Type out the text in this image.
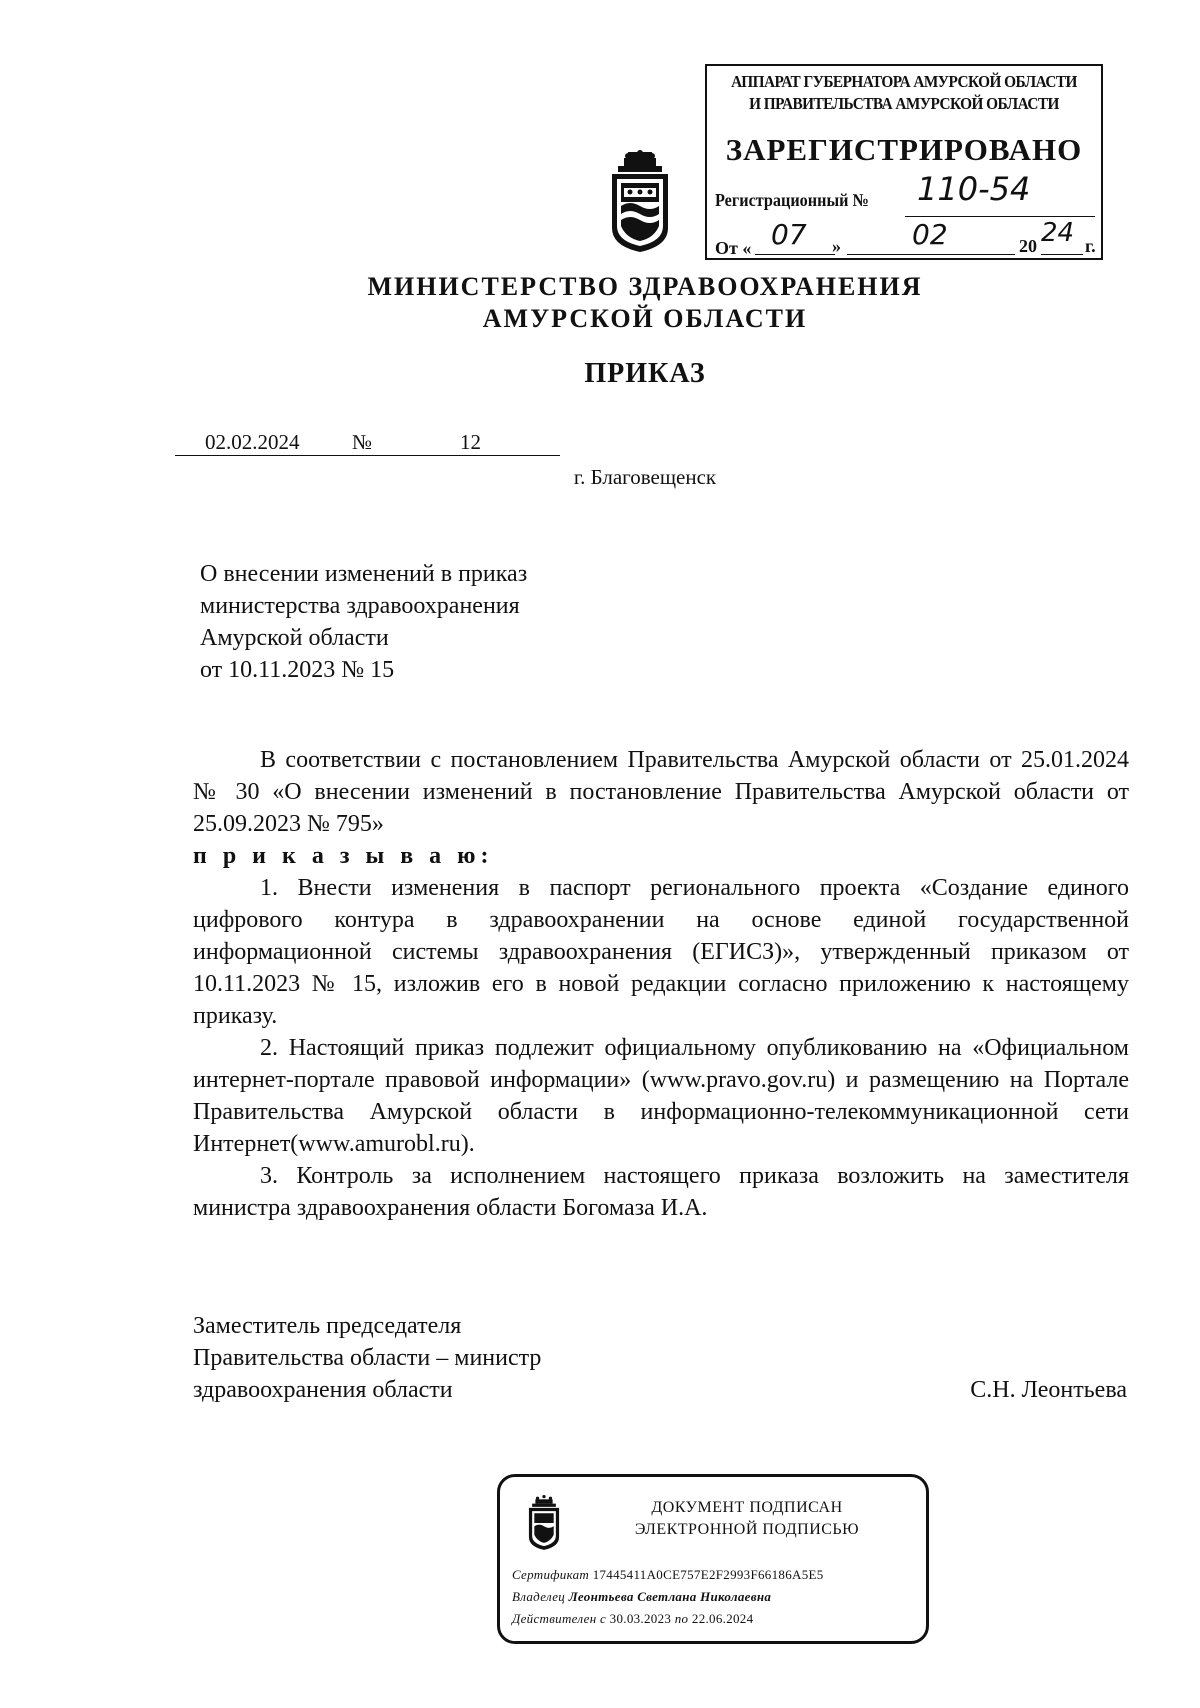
АППАРАТ ГУБЕРНАТОРА АМУРСКОЙ ОБЛАСТИ
И ПРАВИТЕЛЬСТВА АМУРСКОЙ ОБЛАСТИ
ЗАРЕГИСТРИРОВАНО
Регистрационный № 110-54
От « 07 »	02	20 24 г.
МИНИСТЕРСТВО ЗДРАВООХРАНЕНИЯ
АМУРСКОЙ ОБЛАСТИ
ПРИКАЗ
02.02.2024	№	12
г. Благовещенск
О внесении изменений в приказ
министерства здравоохранения
Амурской области
от 10.11.2023 № 15

В соответствии с постановлением Правительства Амурской области от 25.01.2024 № 30 «О внесении изменений в постановление Правительства Амурской области от 25.09.2023 № 795»

п р и к а з ы в а ю:

1. Внести изменения в паспорт регионального проекта «Создание единого цифрового контура в здравоохранении на основе единой государственной информационной системы здравоохранения (ЕГИСЗ)», утвержденный приказом от 10.11.2023 № 15, изложив его в новой редакции согласно приложению к настоящему приказу.

2. Настоящий приказ подлежит официальному опубликованию на «Официальном интернет-портале правовой информации» (www.pravo.gov.ru) и размещению на Портале Правительства Амурской области в информационно-телекоммуникационной сети Интернет(www.amurobl.ru).

3. Контроль за исполнением настоящего приказа возложить на заместителя министра здравоохранения области Богомаза И.А.

Заместитель председателя
Правительства области – министр
здравоохранения области	С.Н. Леонтьева
ДОКУМЕНТ ПОДПИСАН
ЭЛЕКТРОННОЙ ПОДПИСЬЮ
Сертификат 17445411A0CE757E2F2993F66186A5E5
Владелец Леонтьева Светлана Николаевна
Действителен с 30.03.2023 по 22.06.2024
